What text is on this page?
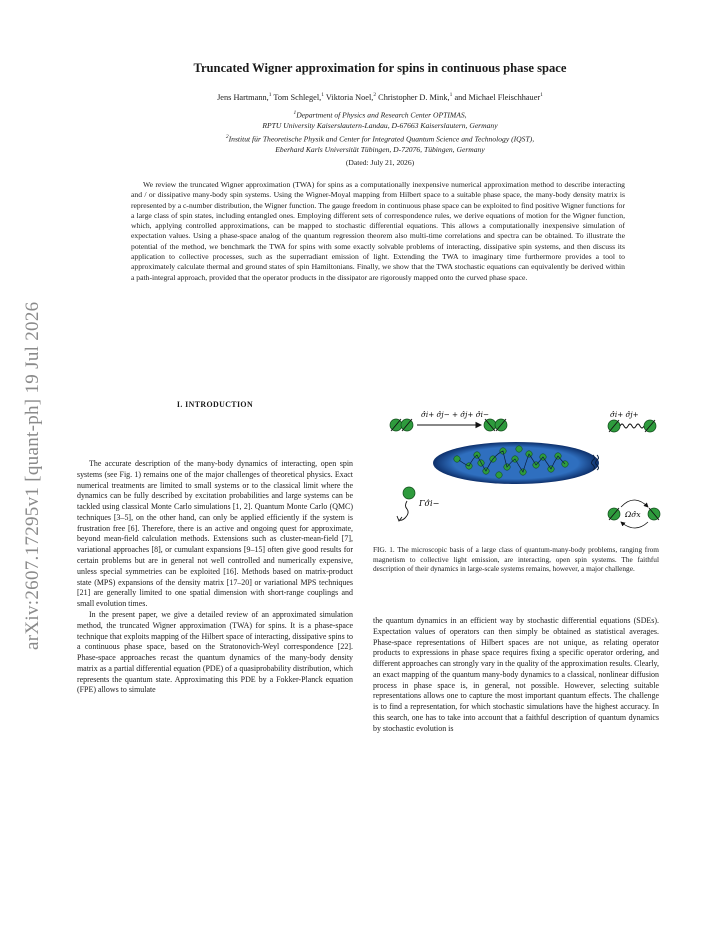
arXiv:2607.17295v1 [quant-ph] 19 Jul 2026
Truncated Wigner approximation for spins in continuous phase space
Jens Hartmann,$^1$ Tom Schlegel,$^1$ Viktoria Noel,$^2$ Christopher D. Mink,$^1$ and Michael Fleischhauer$^1$
$^1$Department of Physics and Research Center OPTIMAS,
RPTU University Kaiserslautern-Landau, D-67663 Kaiserslautern, Germany
$^2$Institut für Theoretische Physik and Center for Integrated Quantum Science and Technology (IQST),
Eberhard Karls Universität Tübingen, D-72076, Tübingen, Germany
(Dated: July 21, 2026)
We review the truncated Wigner approximation (TWA) for spins as a computationally inexpensive numerical approximation method to describe interacting and / or dissipative many-body spin systems. Using the Wigner-Moyal mapping from Hilbert space to a suitable phase space, the many-body density matrix is represented by a c-number distribution, the Wigner function. The gauge freedom in continuous phase space can be exploited to find positive Wigner functions for a large class of spin states, including entangled ones. Employing different sets of correspondence rules, we derive equations of motion for the Wigner function, which, applying controlled approximations, can be mapped to stochastic differential equations. This allows a computationally inexpensive simulation of expectation values. Using a phase-space analog of the quantum regression theorem also multi-time correlations and spectra can be obtained. To illustrate the potential of the method, we benchmark the TWA for spins with some exactly solvable problems of interacting, dissipative spin systems, and then discuss its application to collective processes, such as the superradiant emission of light. Extending the TWA to imaginary time furthermore provides a tool to approximately calculate thermal and ground states of spin Hamiltonians. Finally, we show that the TWA stochastic equations can equivalently be derived within a path-integral approach, provided that the operator products in the dissipator are rigorously mapped onto the curved phase space.
I. INTRODUCTION

The accurate description of the many-body dynamics of interacting, open spin systems (see Fig. 1) remains one of the major challenges of theoretical physics. Exact numerical treatments are limited to small systems or to the classical limit where the dynamics can be fully described by excitation probabilities and large systems can be tackled using classical Monte Carlo simulations [1, 2]. Quantum Monte Carlo (QMC) techniques [3–5], on the other hand, can only be applied efficiently if the system is frustration free [6]. Therefore, there is an active and ongoing quest for approximate, beyond mean-field calculation methods. Extensions such as cluster-mean-field [7], variational approaches [8], or cumulant expansions [9–15] often give good results for certain problems but are in general not well controlled and numerically expensive, unless special symmetries can be exploited [16]. Methods based on matrix-product state (MPS) expansions of the density matrix [17–20] or variational MPS techniques [21] are generally limited to one spatial dimension with short-range couplings and small evolution times.

In the present paper, we give a detailed review of an approximated simulation method, the truncated Wigner approximation (TWA) for spins. It is a phase-space technique that exploits mapping of the Hilbert space of interacting, dissipative spins to a continuous phase space, based on the Stratonovich-Weyl correspondence [22]. Phase-space approaches recast the quantum dynamics of the many-body density matrix as a partial differential equation (PDE) of a quasiprobability distribution, which represents the quantum state. Approximating this PDE by a Fokker-Planck equation (FPE) allows to simulate

σ̂i+ σ̂j− + σ̂j+ σ̂i−	σ̂i+ σ̂j+
Γσ̂i−
Ωσ̂x
FIG. 1. The microscopic basis of a large class of quantum-many-body problems, ranging from magnetism to collective light emission, are interacting, open spin systems. The faithful description of their dynamics in large-scale systems remains, however, a major challenge.

the quantum dynamics in an efficient way by stochastic differential equations (SDEs). Expectation values of operators can then simply be obtained as statistical averages. Phase-space representations of Hilbert spaces are not unique, as relating operator products to expressions in phase space requires fixing a specific operator ordering, and different approaches can strongly vary in the quality of the approximation results. Clearly, an exact mapping of the quantum many-body dynamics to a classical, nonlinear diffusion process in phase space is, in general, not possible. However, selecting suitable representations allows one to capture the most important quantum effects. The challenge is to find a representation, for which stochastic simulations have the highest accuracy. In this search, one has to take into account that a faithful description of quantum dynamics by stochastic evolution is
